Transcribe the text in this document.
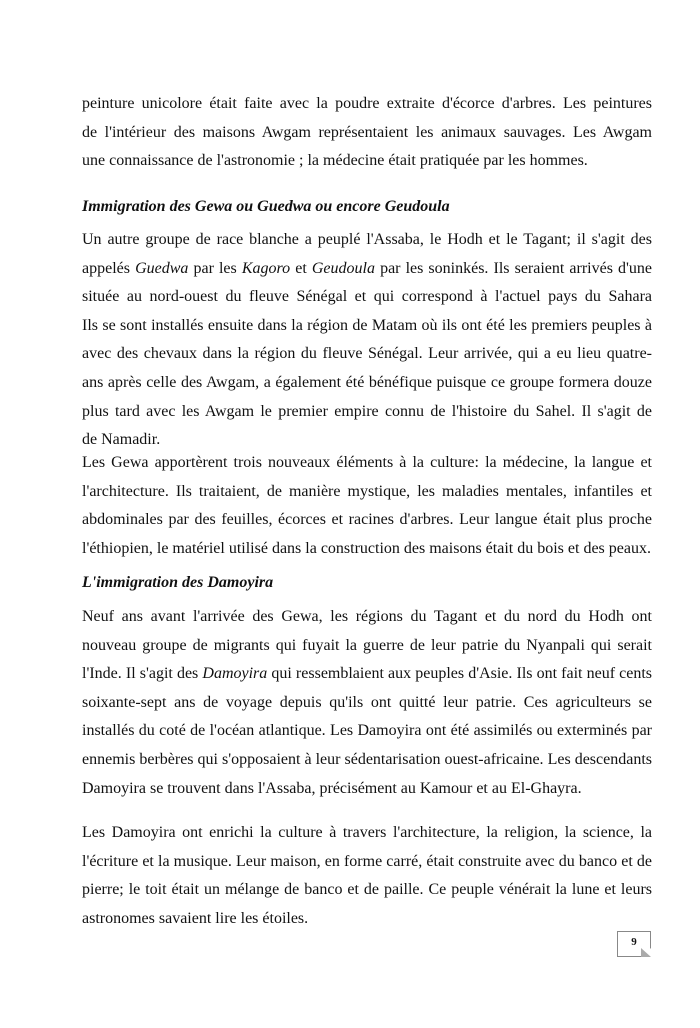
peinture unicolore était faite avec la poudre extraite d'écorce d'arbres. Les peintures
de l'intérieur des maisons Awgam représentaient les animaux sauvages. Les Awgam
une connaissance de l'astronomie ; la médecine était pratiquée par les hommes.
Immigration des Gewa ou Guedwa ou encore Geudoula
Un autre groupe de race blanche a peuplé l'Assaba, le Hodh et le Tagant; il s'agit des
appelés Guedwa par les Kagoro et Geudoula par les soninkés. Ils seraient arrivés d'une
située au nord-ouest du fleuve Sénégal et qui correspond à l'actuel pays du Sahara
Ils se sont installés ensuite dans la région de Matam où ils ont été les premiers peuples à
avec des chevaux dans la région du fleuve Sénégal. Leur arrivée, qui a eu lieu quatre-
ans après celle des Awgam, a également été bénéfique puisque ce groupe formera douze
plus tard avec les Awgam le premier empire connu de l'histoire du Sahel. Il s'agit de
de Namadir.
Les Gewa apportèrent trois nouveaux éléments à la culture: la médecine, la langue et
l'architecture. Ils traitaient, de manière mystique, les maladies mentales, infantiles et
abdominales par des feuilles, écorces et racines d'arbres. Leur langue était plus proche
l'éthiopien, le matériel utilisé dans la construction des maisons était du bois et des peaux.
L'immigration des Damoyira
Neuf ans avant l'arrivée des Gewa, les régions du Tagant et du nord du Hodh ont
nouveau groupe de migrants qui fuyait la guerre de leur patrie du Nyanpali qui serait
l'Inde. Il s'agit des Damoyira qui ressemblaient aux peuples d'Asie. Ils ont fait neuf cents
soixante-sept ans de voyage depuis qu'ils ont quitté leur patrie. Ces agriculteurs se
installés du coté de l'océan atlantique. Les Damoyira ont été assimilés ou exterminés par
ennemis berbères qui s'opposaient à leur sédentarisation ouest-africaine. Les descendants
Damoyira se trouvent dans l'Assaba, précisément au Kamour et au El-Ghayra.
Les Damoyira ont enrichi la culture à travers l'architecture, la religion, la science, la
l'écriture et la musique. Leur maison, en forme carré, était construite avec du banco et de
pierre; le toit était un mélange de banco et de paille. Ce peuple vénérait la lune et leurs
astronomes savaient lire les étoiles.
9
